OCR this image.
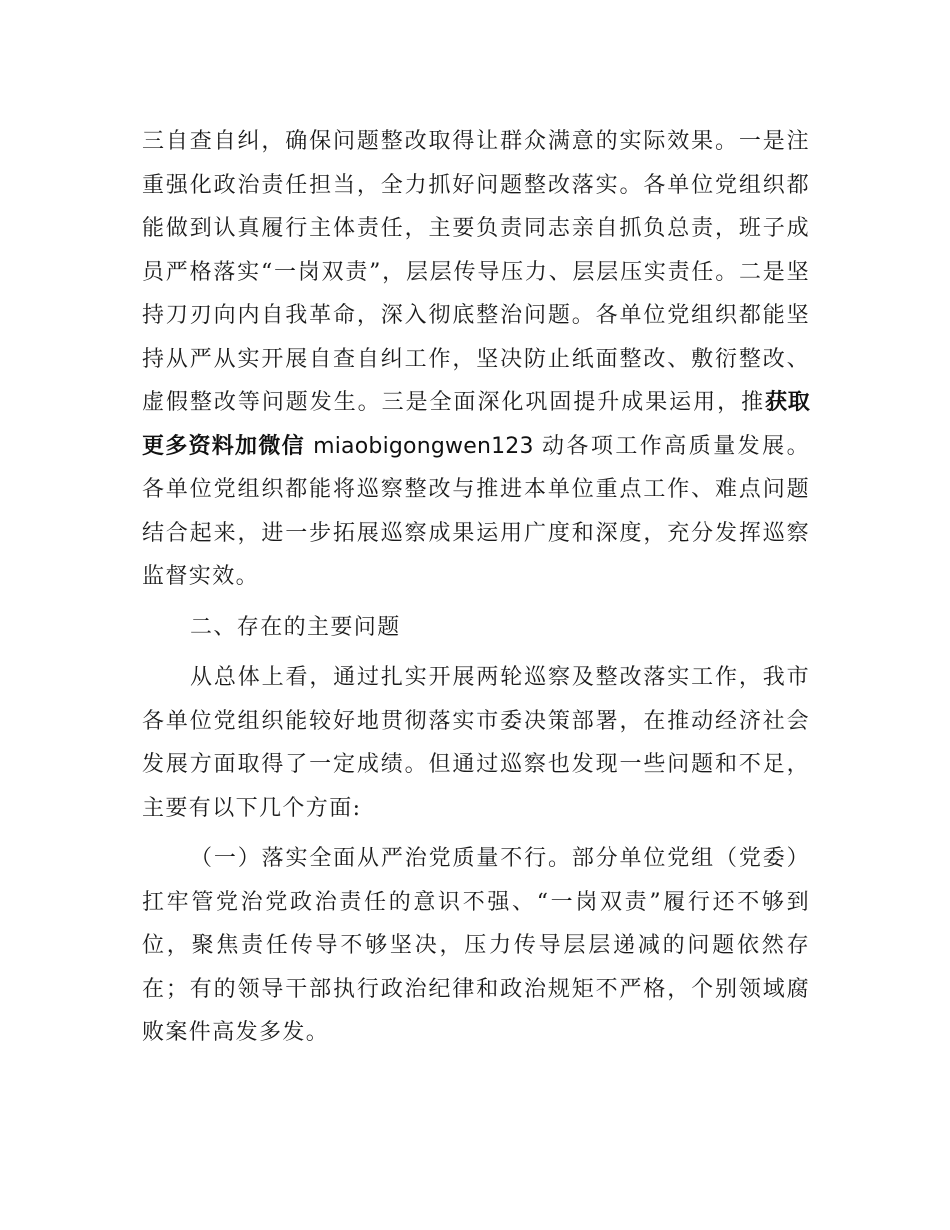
三自查自纠，确保问题整改取得让群众满意的实际效果。一是注重强化政治责任担当，全力抓好问题整改落实。各单位党组织都能做到认真履行主体责任，主要负责同志亲自抓负总责，班子成员严格落实“一岗双责”，层层传导压力、层层压实责任。二是坚持刀刃向内自我革命，深入彻底整治问题。各单位党组织都能坚持从严从实开展自查自纠工作，坚决防止纸面整改、敷衍整改、虚假整改等问题发生。三是全面深化巩固提升成果运用，推获取更多资料加微信 miaobigongwen123 动各项工作高质量发展。各单位党组织都能将巡察整改与推进本单位重点工作、难点问题结合起来，进一步拓展巡察成果运用广度和深度，充分发挥巡察监督实效。

二、存在的主要问题

从总体上看，通过扎实开展两轮巡察及整改落实工作，我市各单位党组织能较好地贯彻落实市委决策部署，在推动经济社会发展方面取得了一定成绩。但通过巡察也发现一些问题和不足，主要有以下几个方面:

（一）落实全面从严治党质量不行。部分单位党组（党委）扛牢管党治党政治责任的意识不强、“一岗双责”履行还不够到位，聚焦责任传导不够坚决，压力传导层层递减的问题依然存在；有的领导干部执行政治纪律和政治规矩不严格，个别领域腐败案件高发多发。
